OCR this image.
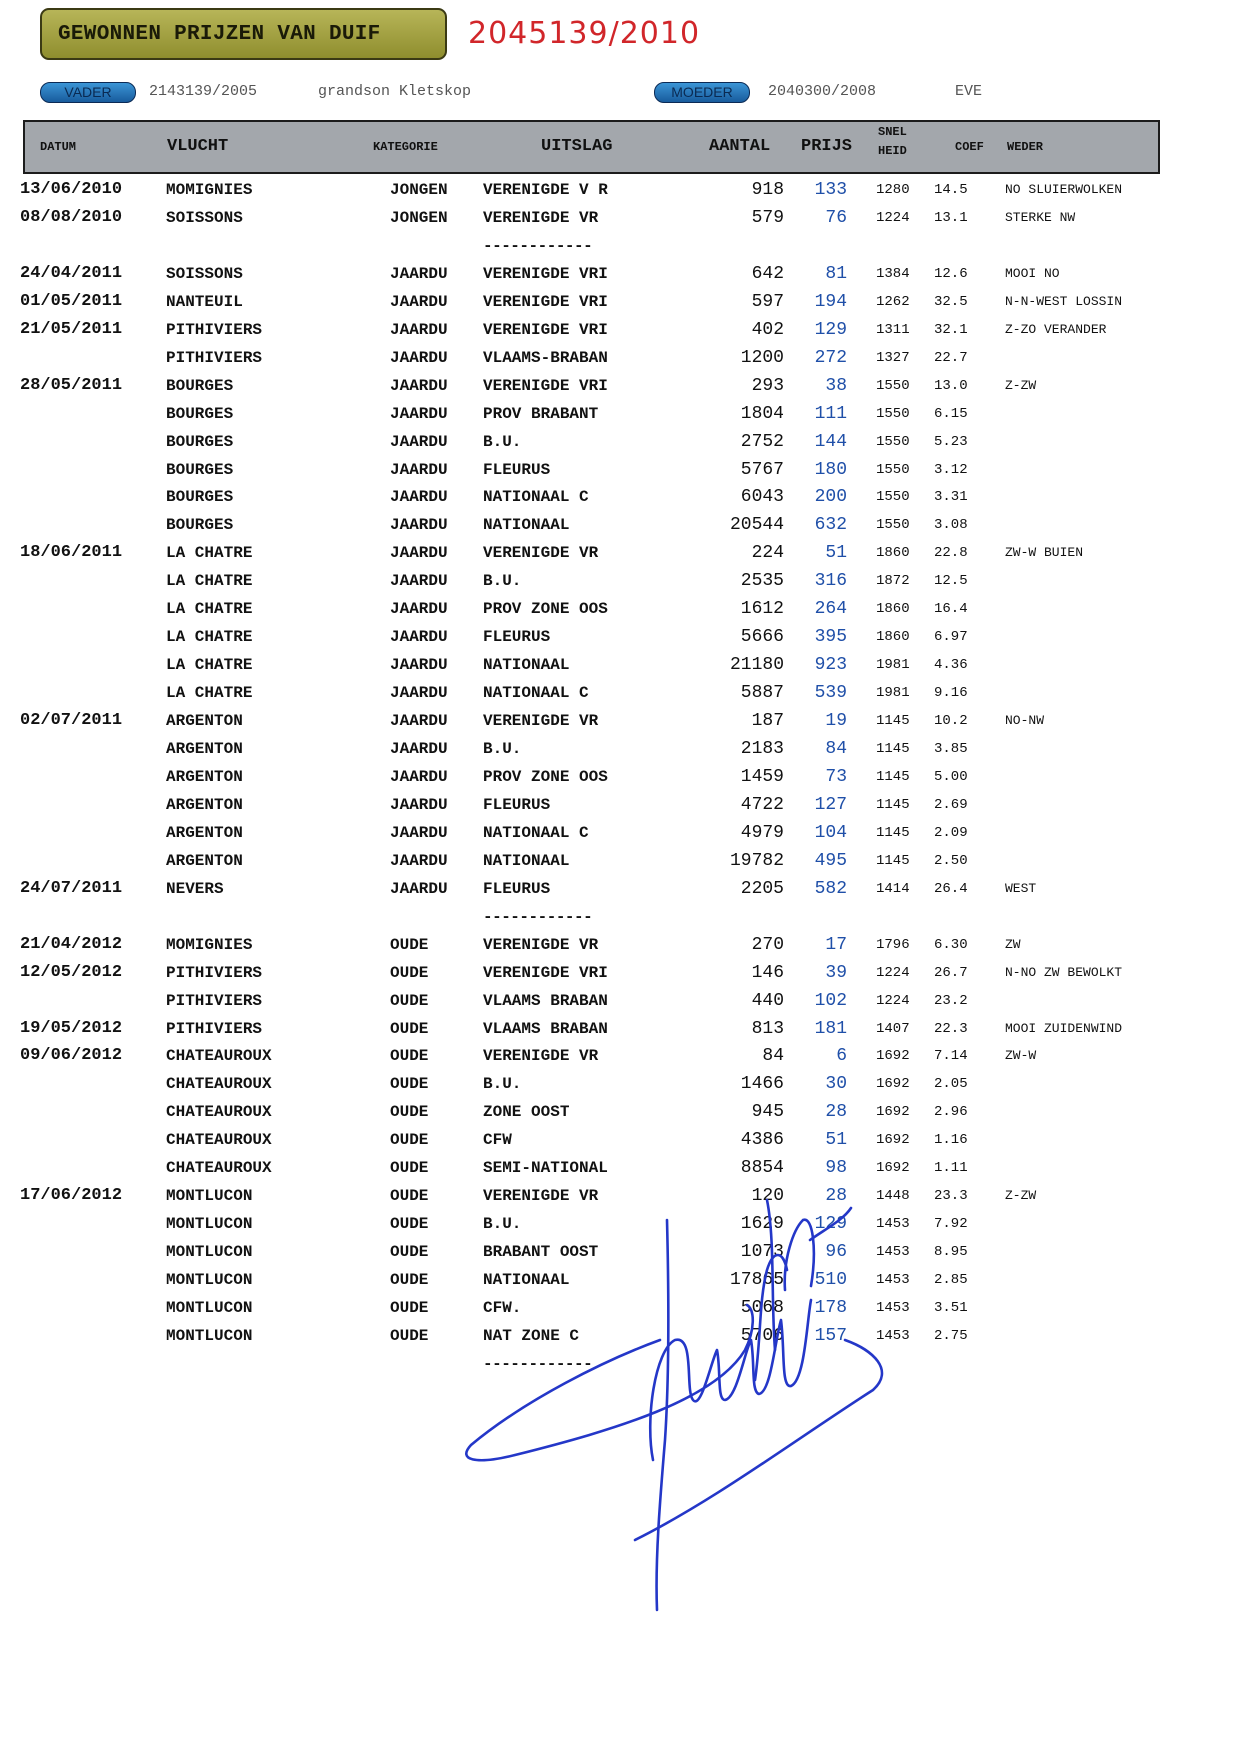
GEWONNEN PRIJZEN VAN DUIF	2045139/2010
VADER	2143139/2005	grandson Kletskop	MOEDER	2040300/2008	EVE
DATUM	VLUCHT	KATEGORIE	UITSLAG	AANTAL PRIJS
SNEL
HEID	COEF WEDER
13/06/2010	MOMIGNIES	JONGEN VERENIGDE V R	918 133 1280 14.5	NO SLUIERWOLKEN
08/08/2010	SOISSONS	JONGEN VERENIGDE VR	579 76 1224 13.1	STERKE NW
------------
24/04/2011	SOISSONS	JAARDU VERENIGDE VRI	642 81 1384 12.6	MOOI NO
01/05/2011	NANTEUIL	JAARDU VERENIGDE VRI	597 194 1262 32.5	N-N-WEST LOSSIN
21/05/2011	PITHIVIERS	JAARDU VERENIGDE VRI	402 129 1311 32.1	Z-ZO VERANDER
PITHIVIERS	JAARDU VLAAMS-BRABAN	1200 272 1327 22.7
28/05/2011	BOURGES	JAARDU VERENIGDE VRI	293 38 1550 13.0	Z-ZW
BOURGES	JAARDU PROV BRABANT	1804 111 1550 6.15
BOURGES	JAARDU B.U.	2752 144 1550 5.23
BOURGES	JAARDU FLEURUS	5767 180 1550 3.12
BOURGES	JAARDU NATIONAAL C	6043 200 1550 3.31
BOURGES	JAARDU NATIONAAL	20544 632 1550 3.08
18/06/2011	LA CHATRE	JAARDU VERENIGDE VR	224 51 1860 22.8	ZW-W BUIEN
LA CHATRE	JAARDU B.U.	2535 316 1872 12.5
LA CHATRE	JAARDU PROV ZONE OOS	1612 264 1860 16.4
LA CHATRE	JAARDU FLEURUS	5666 395 1860 6.97
LA CHATRE	JAARDU NATIONAAL	21180 923 1981 4.36
LA CHATRE	JAARDU NATIONAAL C	5887 539 1981 9.16
02/07/2011	ARGENTON	JAARDU VERENIGDE VR	187 19 1145 10.2	NO-NW
ARGENTON	JAARDU B.U.	2183 84 1145 3.85
ARGENTON	JAARDU PROV ZONE OOS	1459 73 1145 5.00
ARGENTON	JAARDU FLEURUS	4722 127 1145 2.69
ARGENTON	JAARDU NATIONAAL C	4979 104 1145 2.09
ARGENTON	JAARDU NATIONAAL	19782 495 1145 2.50
24/07/2011	NEVERS	JAARDU FLEURUS	2205 582 1414 26.4	WEST
------------
21/04/2012	MOMIGNIES	OUDE	VERENIGDE VR	270 17 1796 6.30	ZW
12/05/2012	PITHIVIERS	OUDE	VERENIGDE VRI	146 39 1224 26.7	N-NO ZW BEWOLKT
PITHIVIERS	OUDE	VLAAMS BRABAN	440 102 1224 23.2
19/05/2012	PITHIVIERS	OUDE	VLAAMS BRABAN	813 181 1407 22.3	MOOI ZUIDENWIND
09/06/2012	CHATEAUROUX	OUDE	VERENIGDE VR	84	6 1692 7.14	ZW-W
CHATEAUROUX	OUDE	B.U.	1466 30 1692 2.05
CHATEAUROUX	OUDE	ZONE OOST	945 28 1692 2.96
CHATEAUROUX	OUDE	CFW	4386 51 1692 1.16
CHATEAUROUX	OUDE	SEMI-NATIONAL	8854 98 1692 1.11
17/06/2012	MONTLUCON	OUDE	VERENIGDE VR	120 28 1448 23.3	Z-ZW
MONTLUCON	OUDE	B.U.	1629 129 1453 7.92
MONTLUCON	OUDE	BRABANT OOST	1073 96 1453 8.95
MONTLUCON	OUDE	NATIONAAL	17865 510 1453 2.85
MONTLUCON	OUDE	CFW.	5068 178 1453 3.51
MONTLUCON	OUDE	NAT ZONE C	5706 157 1453 2.75
------------
